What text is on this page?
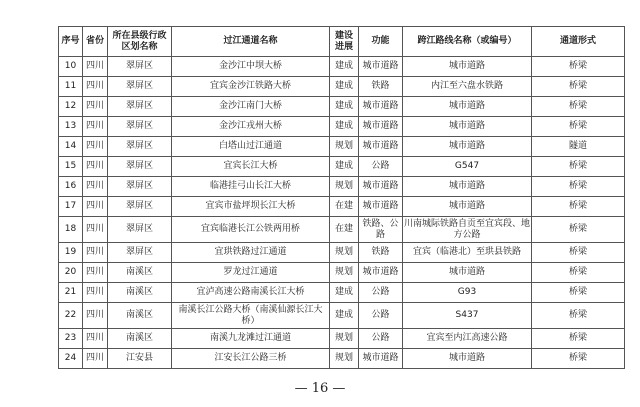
序号	省份	所在县级行政区划名称	过江通道名称	建设进展	功能	跨江路线名称（或编号）	通道形式
10	四川	翠屏区	金沙江中坝大桥	建成	城市道路	城市道路	桥梁
11	四川	翠屏区	宜宾金沙江铁路大桥	建成	铁路	内江至六盘水铁路	桥梁
12	四川	翠屏区	金沙江南门大桥	建成	城市道路	城市道路	桥梁
13	四川	翠屏区	金沙江戎州大桥	建成	城市道路	城市道路	桥梁
14	四川	翠屏区	白塔山过江通道	规划	城市道路	城市道路	隧道
15	四川	翠屏区	宜宾长江大桥	建成	公路	G547	桥梁
16	四川	翠屏区	临港挂弓山长江大桥	规划	城市道路	城市道路	桥梁
17	四川	翠屏区	宜宾市盐坪坝长江大桥	在建	城市道路	城市道路	桥梁
18	四川	翠屏区	宜宾临港长江公铁两用桥	在建	铁路、公路	川南城际铁路自贡至宜宾段、地方公路	桥梁
19	四川	翠屏区	宜珙铁路过江通道	规划	铁路	宜宾（临港北）至珙县铁路	桥梁
20	四川	南溪区	罗龙过江通道	规划	城市道路	城市道路	桥梁
21	四川	南溪区	宜泸高速公路南溪长江大桥	建成	公路	G93	桥梁
22	四川	南溪区	南溪长江公路大桥（南溪仙源长江大桥）	建成	公路	S437	桥梁
23	四川	南溪区	南溪九龙滩过江通道	规划	公路	宜宾至内江高速公路	桥梁
24	四川	江安县	江安长江公路三桥	规划	城市道路	城市道路	桥梁
— 16 —
